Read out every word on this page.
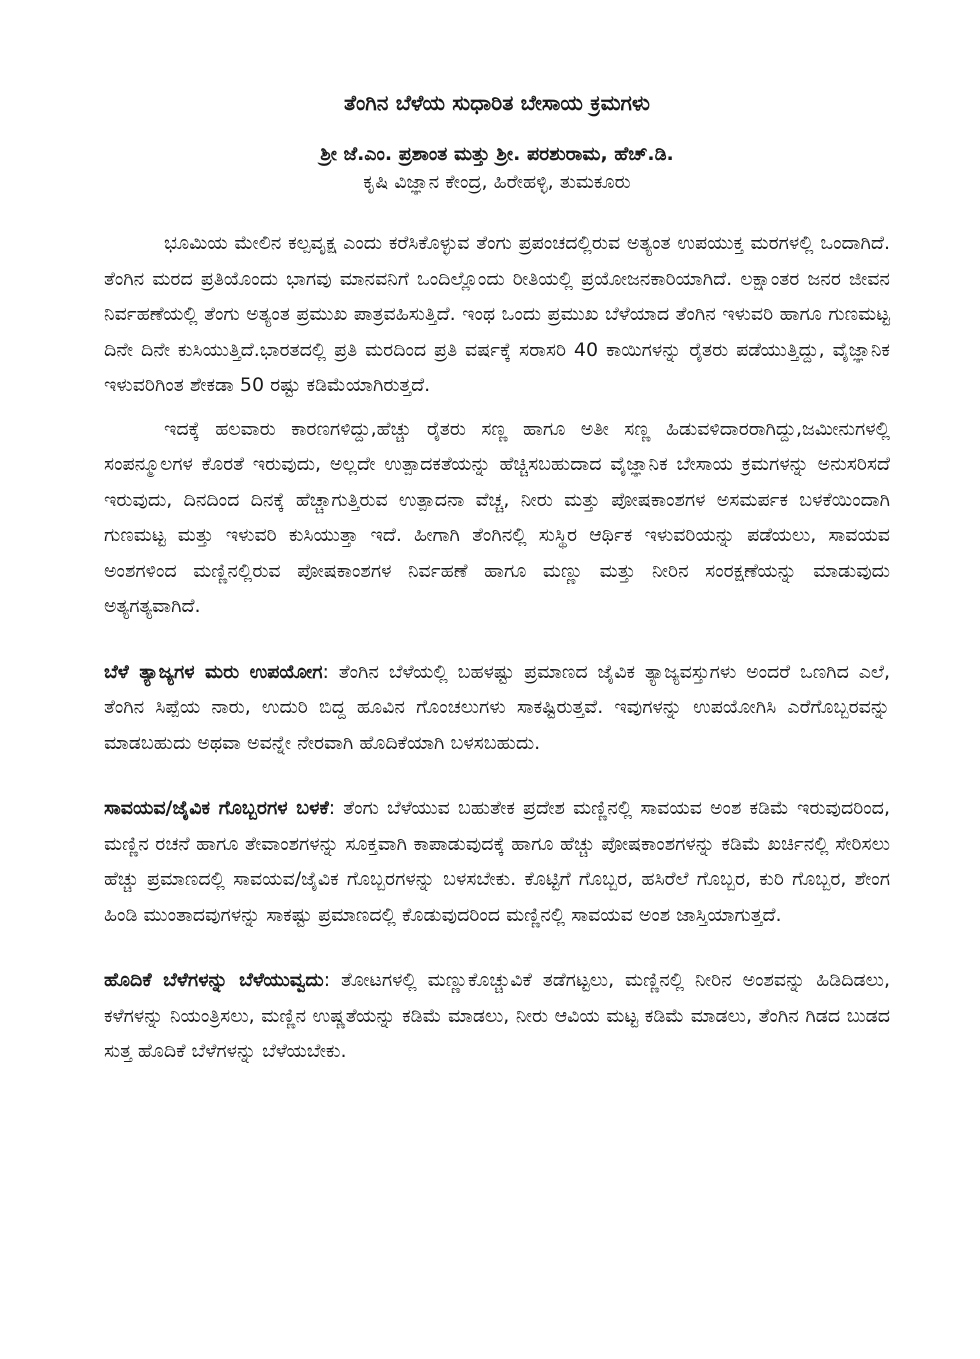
ತೆಂಗಿನ ಬೆಳೆಯ ಸುಧಾರಿತ ಬೇಸಾಯ ಕ್ರಮಗಳು

ಶ್ರೀ ಜೆ.ಎಂ. ಪ್ರಶಾಂತ ಮತ್ತು ಶ್ರೀ. ಪರಶುರಾಮ, ಹೆಚ್.ಡಿ.

ಕೃಷಿ ವಿಜ್ಞಾನ ಕೇಂದ್ರ, ಹಿರೇಹಳ್ಳಿ, ತುಮಕೂರು

ಭೂಮಿಯ ಮೇಲಿನ ಕಲ್ಪವೃಕ್ಷ ಎಂದು ಕರೆಸಿಕೊಳ್ಳುವ ತೆಂಗು ಪ್ರಪಂಚದಲ್ಲಿರುವ ಅತ್ಯಂತ ಉಪಯುಕ್ತ ಮರಗಳಲ್ಲಿ ಒಂದಾಗಿದೆ. ತೆಂಗಿನ ಮರದ ಪ್ರತಿಯೊಂದು ಭಾಗವು ಮಾನವನಿಗೆ ಒಂದಿಲ್ಲೊಂದು ರೀತಿಯಲ್ಲಿ ಪ್ರಯೋಜನಕಾರಿಯಾಗಿದೆ. ಲಕ್ಷಾಂತರ ಜನರ ಜೀವನ ನಿರ್ವಹಣೆಯಲ್ಲಿ ತೆಂಗು ಅತ್ಯಂತ ಪ್ರಮುಖ ಪಾತ್ರವಹಿಸುತ್ತಿದೆ. ಇಂಥ ಒಂದು ಪ್ರಮುಖ ಬೆಳೆಯಾದ ತೆಂಗಿನ ಇಳುವರಿ ಹಾಗೂ ಗುಣಮಟ್ಟ ದಿನೇ ದಿನೇ ಕುಸಿಯುತ್ತಿದೆ.ಭಾರತದಲ್ಲಿ ಪ್ರತಿ ಮರದಿಂದ ಪ್ರತಿ ವರ್ಷಕ್ಕೆ ಸರಾಸರಿ 40 ಕಾಯಿಗಳನ್ನು ರೈತರು ಪಡೆಯುತ್ತಿದ್ದು, ವೈಜ್ಞಾನಿಕ ಇಳುವರಿಗಿಂತ ಶೇಕಡಾ 50 ರಷ್ಟು ಕಡಿಮೆಯಾಗಿರುತ್ತದೆ.

ಇದಕ್ಕೆ ಹಲವಾರು ಕಾರಣಗಳಿದ್ದು,ಹೆಚ್ಚು ರೈತರು ಸಣ್ಣ ಹಾಗೂ ಅತೀ ಸಣ್ಣ ಹಿಡುವಳಿದಾರರಾಗಿದ್ದು,ಜಮೀನುಗಳಲ್ಲಿ ಸಂಪನ್ಮೂಲಗಳ ಕೊರತೆ ಇರುವುದು, ಅಲ್ಲದೇ ಉತ್ಪಾದಕತೆಯನ್ನು ಹೆಚ್ಚಿಸಬಹುದಾದ ವೈಜ್ಞಾನಿಕ ಬೇಸಾಯ ಕ್ರಮಗಳನ್ನು ಅನುಸರಿಸದೆ ಇರುವುದು, ದಿನದಿಂದ ದಿನಕ್ಕೆ ಹೆಚ್ಚಾಗುತ್ತಿರುವ ಉತ್ಪಾದನಾ ವೆಚ್ಚ, ನೀರು ಮತ್ತು ಪೋಷಕಾಂಶಗಳ ಅಸಮರ್ಪಕ ಬಳಕೆಯಿಂದಾಗಿ ಗುಣಮಟ್ಟ ಮತ್ತು ಇಳುವರಿ ಕುಸಿಯುತ್ತಾ ಇದೆ. ಹೀಗಾಗಿ ತೆಂಗಿನಲ್ಲಿ ಸುಸ್ಥಿರ ಆರ್ಥಿಕ ಇಳುವರಿಯನ್ನು ಪಡೆಯಲು, ಸಾವಯವ ಅಂಶಗಳಿಂದ ಮಣ್ಣಿನಲ್ಲಿರುವ ಪೋಷಕಾಂಶಗಳ ನಿರ್ವಹಣೆ ಹಾಗೂ ಮಣ್ಣು ಮತ್ತು ನೀರಿನ ಸಂರಕ್ಷಣೆಯನ್ನು ಮಾಡುವುದು ಅತ್ಯಗತ್ಯವಾಗಿದೆ.

ಬೆಳೆ ತ್ಯಾಜ್ಯಗಳ ಮರು ಉಪಯೋಗ: ತೆಂಗಿನ ಬೆಳೆಯಲ್ಲಿ ಬಹಳಷ್ಟು ಪ್ರಮಾಣದ ಜೈವಿಕ ತ್ಯಾಜ್ಯವಸ್ತುಗಳು ಅಂದರೆ ಒಣಗಿದ ಎಲೆ, ತೆಂಗಿನ ಸಿಪ್ಪೆಯ ನಾರು, ಉದುರಿ ಬಿದ್ದ ಹೂವಿನ ಗೊಂಚಲುಗಳು ಸಾಕಷ್ಟಿರುತ್ತವೆ. ಇವುಗಳನ್ನು ಉಪಯೋಗಿಸಿ ಎರೆಗೊಬ್ಬರವನ್ನು ಮಾಡಬಹುದು ಅಥವಾ ಅವನ್ನೇ ನೇರವಾಗಿ ಹೊದಿಕೆಯಾಗಿ ಬಳಸಬಹುದು.

ಸಾವಯವ/ಜೈವಿಕ ಗೊಬ್ಬರಗಳ ಬಳಕೆ: ತೆಂಗು ಬೆಳೆಯುವ ಬಹುತೇಕ ಪ್ರದೇಶ ಮಣ್ಣಿನಲ್ಲಿ ಸಾವಯವ ಅಂಶ ಕಡಿಮೆ ಇರುವುದರಿಂದ, ಮಣ್ಣಿನ ರಚನೆ ಹಾಗೂ ತೇವಾಂಶಗಳನ್ನು ಸೂಕ್ತವಾಗಿ ಕಾಪಾಡುವುದಕ್ಕೆ ಹಾಗೂ ಹೆಚ್ಚು ಪೋಷಕಾಂಶಗಳನ್ನು ಕಡಿಮೆ ಖರ್ಚಿನಲ್ಲಿ ಸೇರಿಸಲು ಹೆಚ್ಚು ಪ್ರಮಾಣದಲ್ಲಿ ಸಾವಯವ/ಜೈವಿಕ ಗೊಬ್ಬರಗಳನ್ನು ಬಳಸಬೇಕು. ಕೊಟ್ಟಿಗೆ ಗೊಬ್ಬರ, ಹಸಿರೆಲೆ ಗೊಬ್ಬರ, ಕುರಿ ಗೊಬ್ಬರ, ಶೇಂಗ ಹಿಂಡಿ ಮುಂತಾದವುಗಳನ್ನು ಸಾಕಷ್ಟು ಪ್ರಮಾಣದಲ್ಲಿ ಕೊಡುವುದರಿಂದ ಮಣ್ಣಿನಲ್ಲಿ ಸಾವಯವ ಅಂಶ ಜಾಸ್ತಿಯಾಗುತ್ತದೆ.

ಹೊದಿಕೆ ಬೆಳೆಗಳನ್ನು ಬೆಳೆಯುವ್ವದು: ತೋಟಗಳಲ್ಲಿ ಮಣ್ಣುಕೊಚ್ಚುವಿಕೆ ತಡೆಗಟ್ಟಲು, ಮಣ್ಣಿನಲ್ಲಿ ನೀರಿನ ಅಂಶವನ್ನು ಹಿಡಿದಿಡಲು, ಕಳೆಗಳನ್ನು ನಿಯಂತ್ರಿಸಲು, ಮಣ್ಣಿನ ಉಷ್ಣತೆಯನ್ನು ಕಡಿಮೆ ಮಾಡಲು, ನೀರು ಆವಿಯ ಮಟ್ಟ ಕಡಿಮೆ ಮಾಡಲು, ತೆಂಗಿನ ಗಿಡದ ಬುಡದ ಸುತ್ತ ಹೊದಿಕೆ ಬೆಳೆಗಳನ್ನು ಬೆಳೆಯಬೇಕು.
